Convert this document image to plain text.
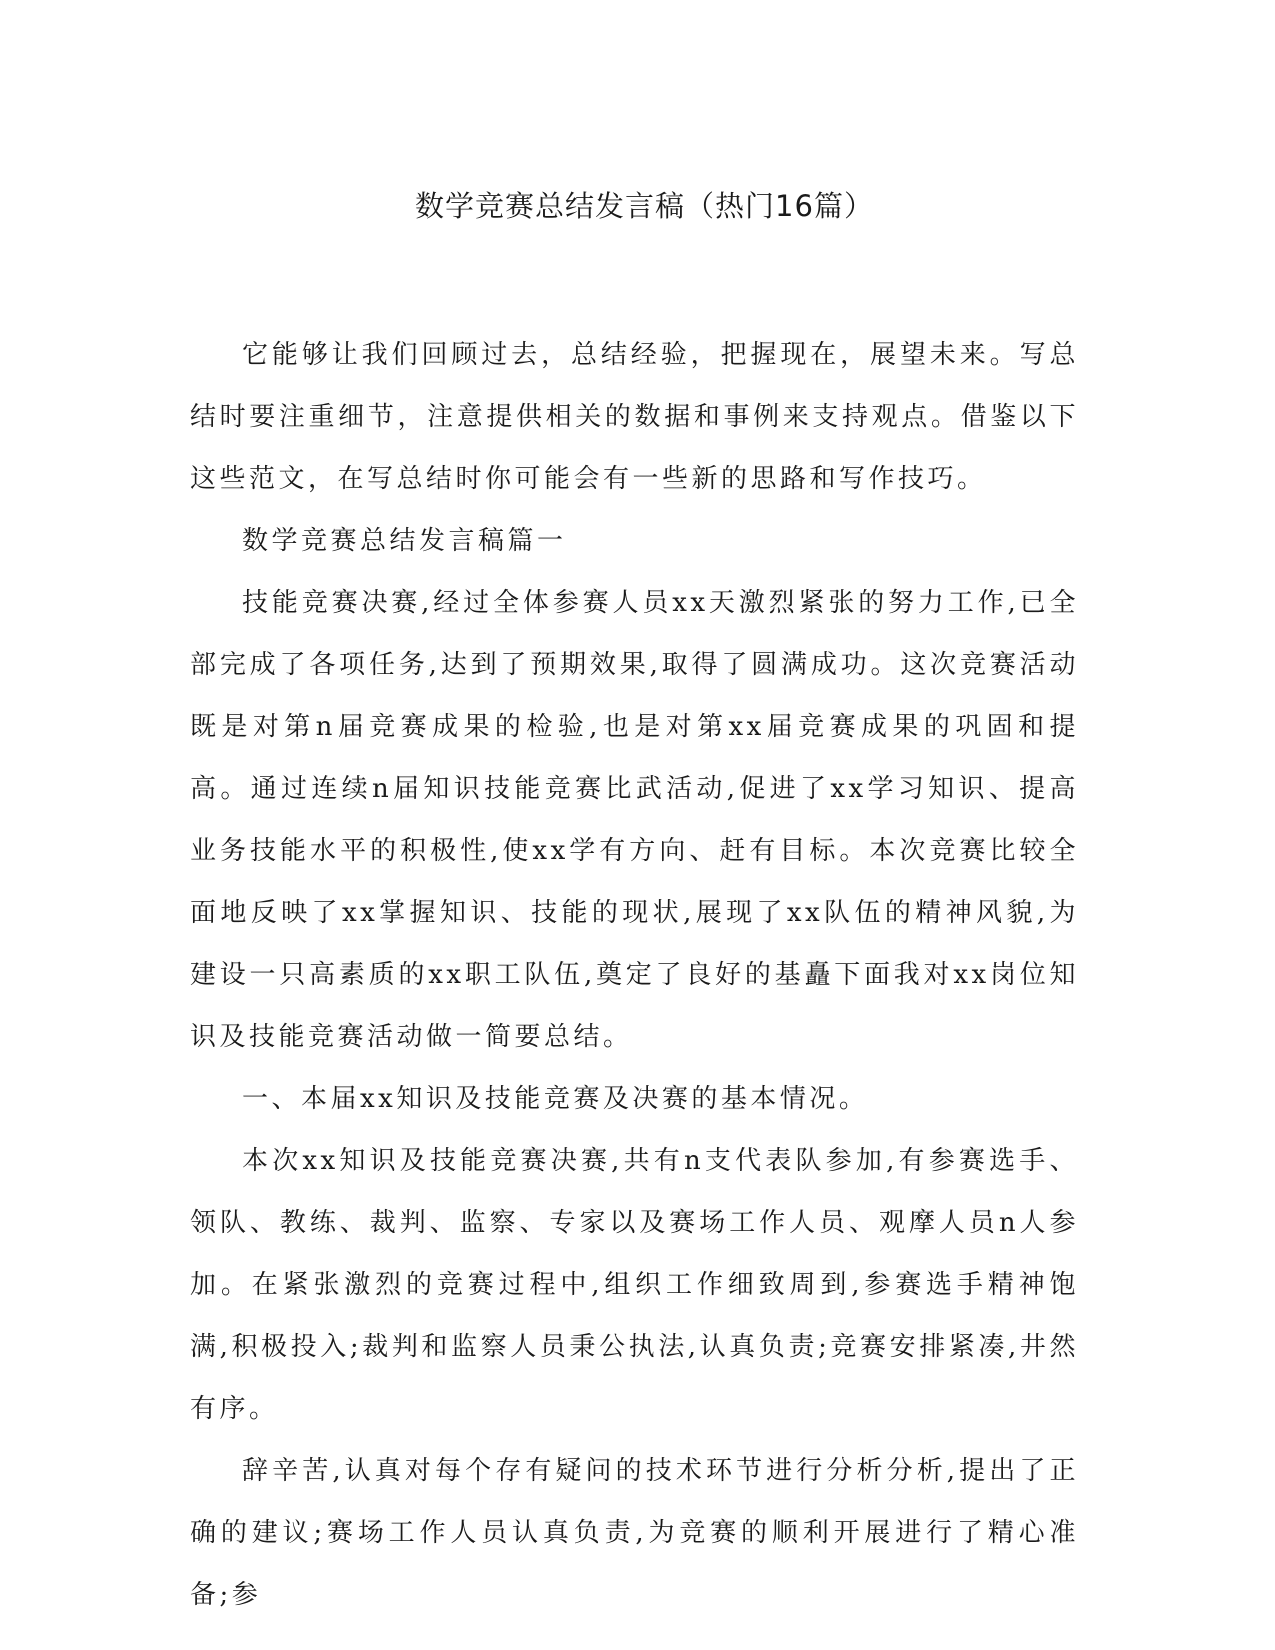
数学竞赛总结发言稿（热门16篇）

它能够让我们回顾过去，总结经验，把握现在，展望未来。写总结时要注重细节，注意提供相关的数据和事例来支持观点。借鉴以下这些范文，在写总结时你可能会有一些新的思路和写作技巧。

数学竞赛总结发言稿篇一

技能竞赛决赛,经过全体参赛人员xx天激烈紧张的努力工作,已全部完成了各项任务,达到了预期效果,取得了圆满成功。这次竞赛活动既是对第n届竞赛成果的检验,也是对第xx届竞赛成果的巩固和提高。通过连续n届知识技能竞赛比武活动,促进了xx学习知识、提高业务技能水平的积极性,使xx学有方向、赶有目标。本次竞赛比较全面地反映了xx掌握知识、技能的现状,展现了xx队伍的精神风貌,为建设一只高素质的xx职工队伍,奠定了良好的基矗下面我对xx岗位知识及技能竞赛活动做一简要总结。

一、本届xx知识及技能竞赛及决赛的基本情况。

本次xx知识及技能竞赛决赛,共有n支代表队参加,有参赛选手、领队、教练、裁判、监察、专家以及赛场工作人员、观摩人员n人参加。在紧张激烈的竞赛过程中,组织工作细致周到,参赛选手精神饱满,积极投入;裁判和监察人员秉公执法,认真负责;竞赛安排紧凑,井然有序。

辞辛苦,认真对每个存有疑问的技术环节进行分析分析,提出了正确的建议;赛场工作人员认真负责,为竞赛的顺利开展进行了精心准备;参
